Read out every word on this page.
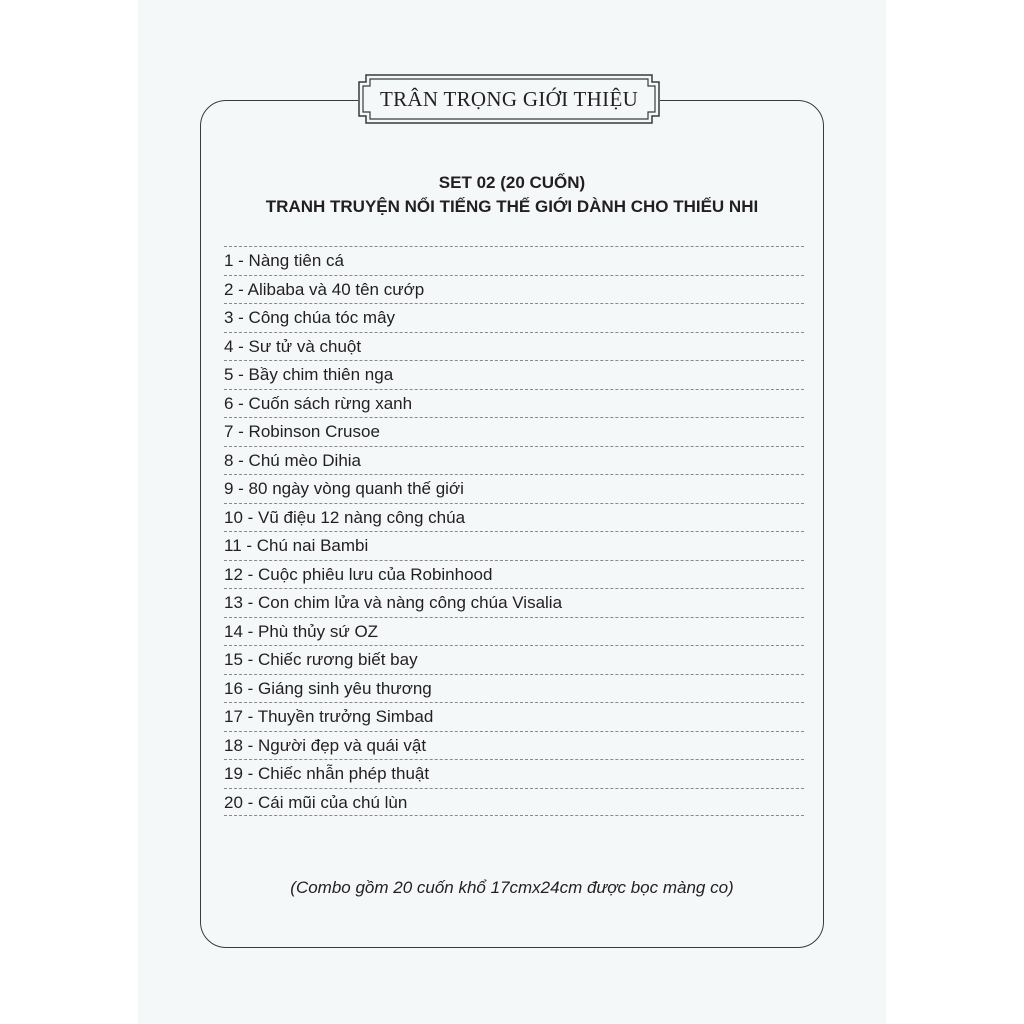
TRÂN TRỌNG GIỚI THIỆU
SET 02 (20 CUỐN)
TRANH TRUYỆN NỔI TIẾNG THẾ GIỚI DÀNH CHO THIẾU NHI
1 - Nàng tiên cá
2 - Alibaba và 40 tên cướp
3 - Công chúa tóc mây
4 - Sư tử và chuột
5 - Bầy chim thiên nga
6 - Cuốn sách rừng xanh
7 - Robinson Crusoe
8 - Chú mèo Dihia
9 - 80 ngày vòng quanh thế giới
10 - Vũ điệu 12 nàng công chúa
11 - Chú nai Bambi
12 - Cuộc phiêu lưu của Robinhood
13 - Con chim lửa và nàng công chúa Visalia
14 - Phù thủy sứ OZ
15 - Chiếc rương biết bay
16 - Giáng sinh yêu thương
17 - Thuyền trưởng Simbad
18 - Người đẹp và quái vật
19 - Chiếc nhẫn phép thuật
20 - Cái mũi của chú lùn
(Combo gồm 20 cuốn khổ 17cmx24cm được bọc màng co)
